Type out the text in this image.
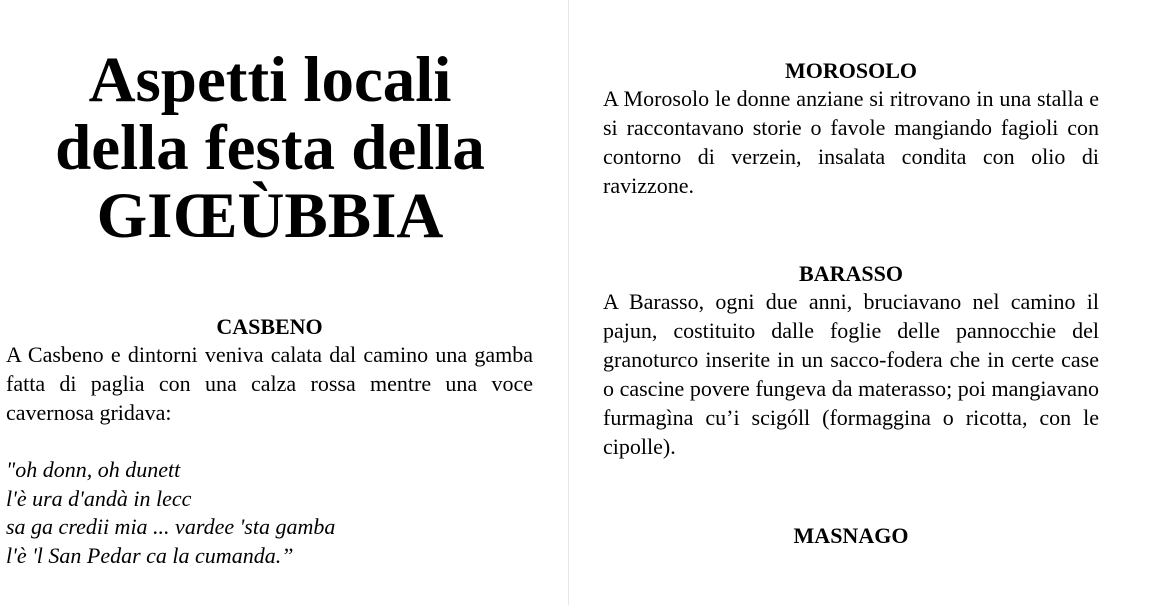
Aspetti locali
della festa della
GIŒÙBBIA
CASBENO

A Casbeno e dintorni veniva calata dal camino una gamba fatta di paglia con una calza rossa mentre una voce cavernosa gridava:

"oh donn, oh dunett
l'è ura d'andà in lecc
sa ga credii mia ... vardee 'sta gamba
l'è 'l San Pedar ca la cumanda.”
MOROSOLO

A Morosolo le donne anziane si ritrovano in una stalla e si raccontavano storie o favole mangiando fagioli con contorno di verzein, insalata condita con olio di ravizzone.

BARASSO

A Barasso, ogni due anni, bruciavano nel camino il pajun, costituito dalle foglie delle pannocchie del granoturco inserite in un sacco-fodera che in certe case o cascine povere fungeva da materasso; poi mangiavano furmagìna cu’i scigóll (formaggina o ricotta, con le cipolle).

MASNAGO
